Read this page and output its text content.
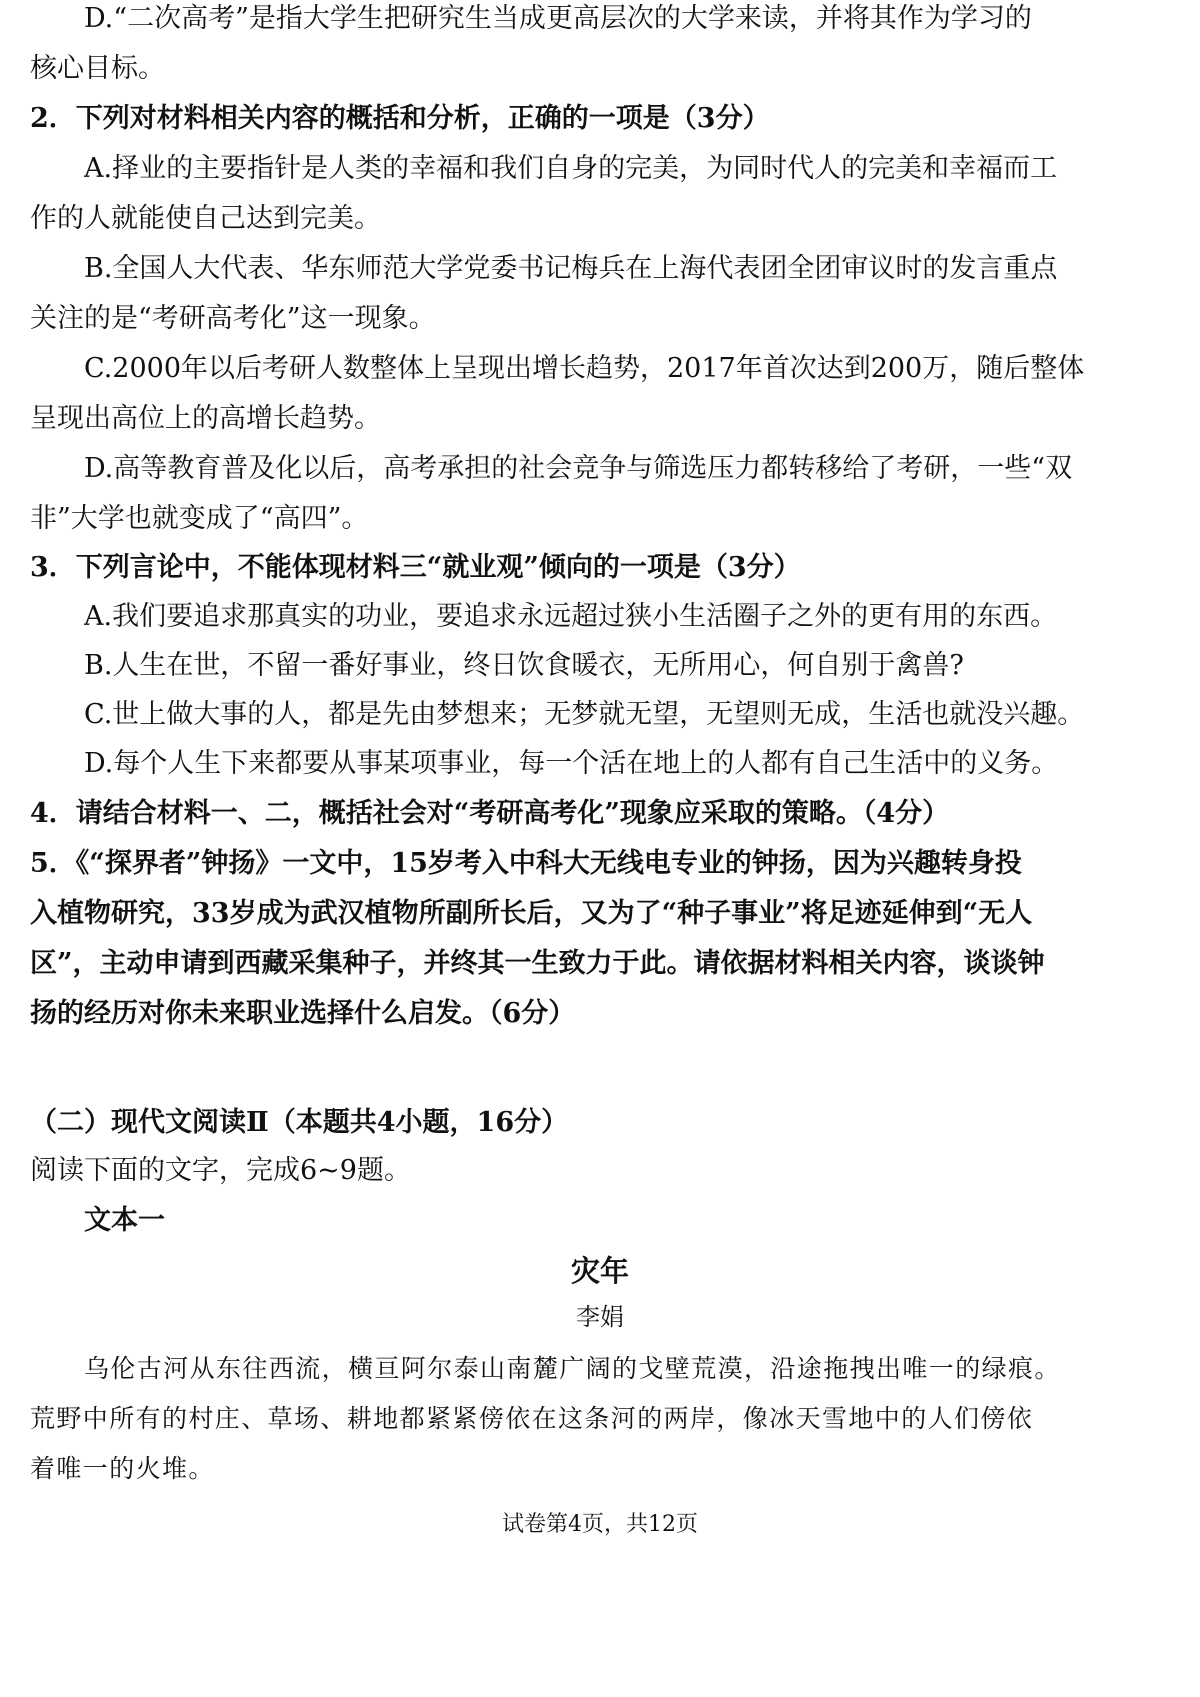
D.“二次高考”是指大学生把研究生当成更高层次的大学来读，并将其作为学习的
核心目标。
2．下列对材料相关内容的概括和分析，正确的一项是（3分）
A.择业的主要指针是人类的幸福和我们自身的完美，为同时代人的完美和幸福而工
作的人就能使自己达到完美。
B.全国人大代表、华东师范大学党委书记梅兵在上海代表团全团审议时的发言重点
关注的是“考研高考化”这一现象。
C.2000年以后考研人数整体上呈现出增长趋势，2017年首次达到200万，随后整体
呈现出高位上的高增长趋势。
D.高等教育普及化以后，高考承担的社会竞争与筛选压力都转移给了考研，一些“双
非”大学也就变成了“高四”。
3．下列言论中，不能体现材料三“就业观”倾向的一项是（3分）
A.我们要追求那真实的功业，要追求永远超过狭小生活圈子之外的更有用的东西。
B.人生在世，不留一番好事业，终日饮食暖衣，无所用心，何自别于禽兽?
C.世上做大事的人，都是先由梦想来；无梦就无望，无望则无成，生活也就没兴趣。
D.每个人生下来都要从事某项事业，每一个活在地上的人都有自己生活中的义务。
4．请结合材料一、二，概括社会对“考研高考化”现象应采取的策略。（4分）
5．《“探界者”钟扬》一文中，15岁考入中科大无线电专业的钟扬，因为兴趣转身投
入植物研究，33岁成为武汉植物所副所长后，又为了“种子事业”将足迹延伸到“无人
区”，主动申请到西藏采集种子，并终其一生致力于此。请依据材料相关内容，谈谈钟
扬的经历对你未来职业选择什么启发。（6分）
（二）现代文阅读Ⅱ（本题共4小题，16分）
阅读下面的文字，完成6~9题。
文本一
灾年
李娟
乌伦古河从东往西流，横亘阿尔泰山南麓广阔的戈壁荒漠，沿途拖拽出唯一的绿痕。
荒野中所有的村庄、草场、耕地都紧紧傍依在这条河的两岸，像冰天雪地中的人们傍依
着唯一的火堆。
试卷第4页，共12页
